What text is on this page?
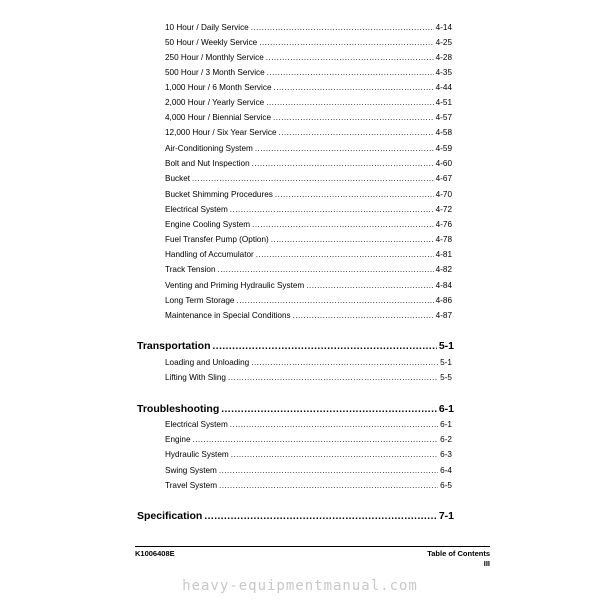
10 Hour / Daily Service .....	4-14
50 Hour / Weekly Service .....	4-25
250 Hour / Monthly Service .....	4-28
500 Hour / 3 Month Service .....	4-35
1,000 Hour / 6 Month Service .....	4-44
2,000 Hour / Yearly Service .....	4-51
4,000 Hour / Biennial Service .....	4-57
12,000 Hour / Six Year Service .....	4-58
Air-Conditioning System .....	4-59
Bolt and Nut Inspection .....	4-60
Bucket .....	4-67
Bucket Shimming Procedures .....	4-70
Electrical System .....	4-72
Engine Cooling System .....	4-76
Fuel Transfer Pump (Option) .....	4-78
Handling of Accumulator .....	4-81
Track Tension .....	4-82
Venting and Priming Hydraulic System .....	4-84
Long Term Storage .....	4-86
Maintenance in Special Conditions .....	4-87
Transportation .....	5-1
Loading and Unloading .....	5-1
Lifting With Sling .....	5-5
Troubleshooting .....	6-1
Electrical System .....	6-1
Engine .....	6-2
Hydraulic System .....	6-3
Swing System .....	6-4
Travel System .....	6-5
Specification .....	7-1
K1006408E	Table of Contents
III
heavy-equipmentmanual.com
